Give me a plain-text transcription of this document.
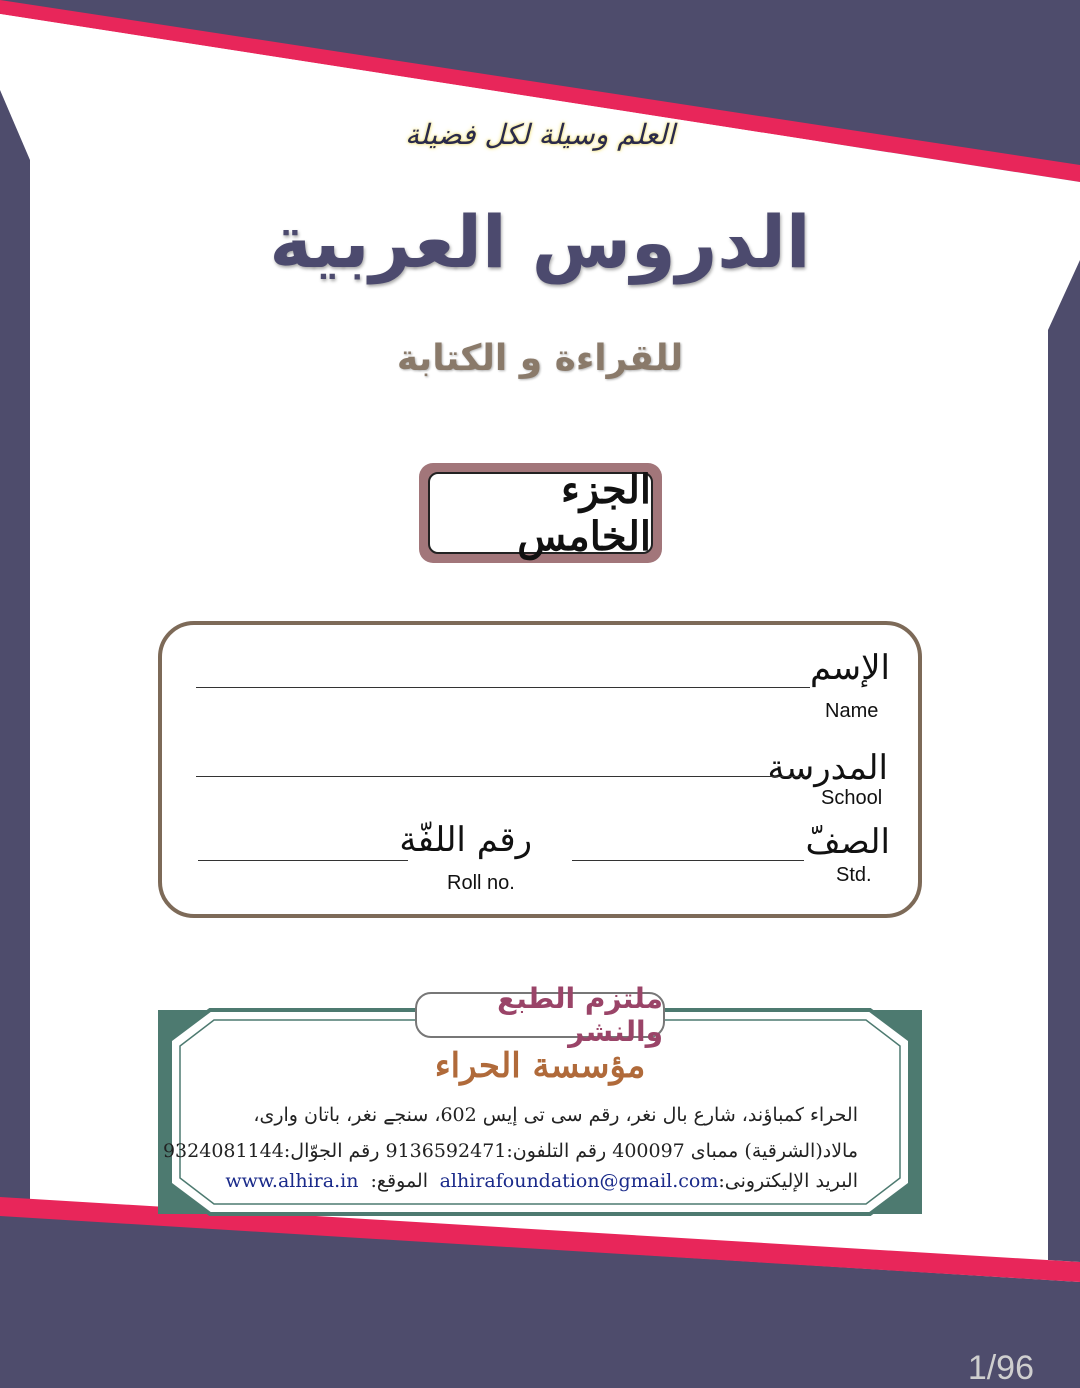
العلم وسيلة لكل فضيلة
الدروس العربية
للقراءة و الكتابة
الجزء الخامس
الإسم
Name
المدرسة
School
الصفّ
Std.
رقم اللفّة
Roll no.
ملتزم الطبع والنشر
مؤسسة الحراء
الحراء كمباؤند، شارع بال نغر، رقم سى تى إيس 602، سنجے نغر، باتان وارى،
مالاد(الشرقية) ممباى 400097 رقم التلفون:9136592471 رقم الجوّال:9324081144
البريد الإليكترونى:alhirafoundation@gmail.com
الموقع:  www.alhira.in
1/96
